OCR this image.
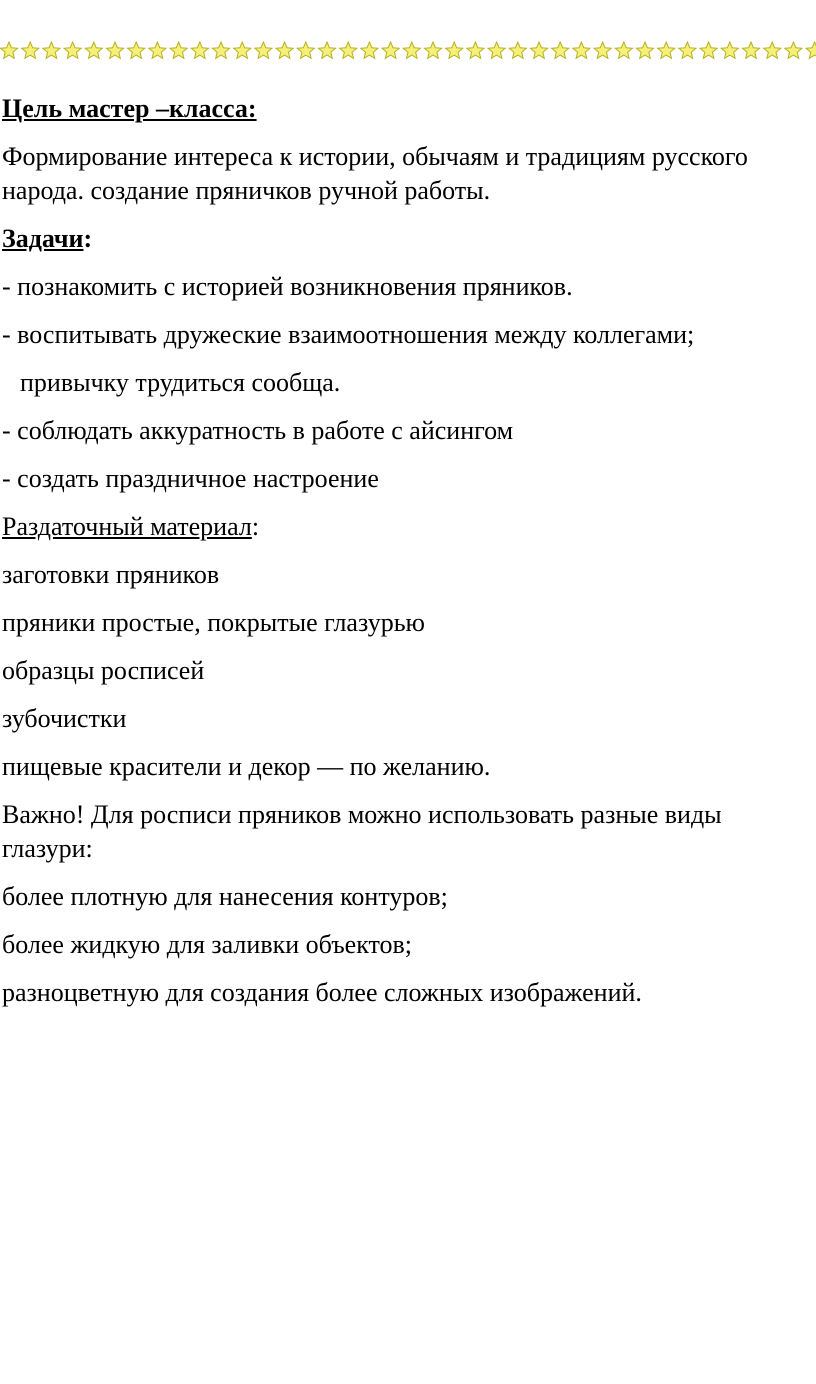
Цель мастер –класса:

Формирование интереса к истории, обычаям и традициям русского народа. создание пряничков ручной работы.

Задачи:

- познакомить с историей возникновения пряников.

- воспитывать дружеские взаимоотношения между коллегами;

привычку трудиться сообща.

- соблюдать аккуратность в работе с айсингом

- создать праздничное настроение

Раздаточный материал:

заготовки пряников

пряники простые, покрытые глазурью

образцы росписей

зубочистки

пищевые красители и декор — по желанию.

Важно! Для росписи пряников можно использовать разные виды глазури:

более плотную для нанесения контуров;

более жидкую для заливки объектов;

разноцветную для создания более сложных изображений.
